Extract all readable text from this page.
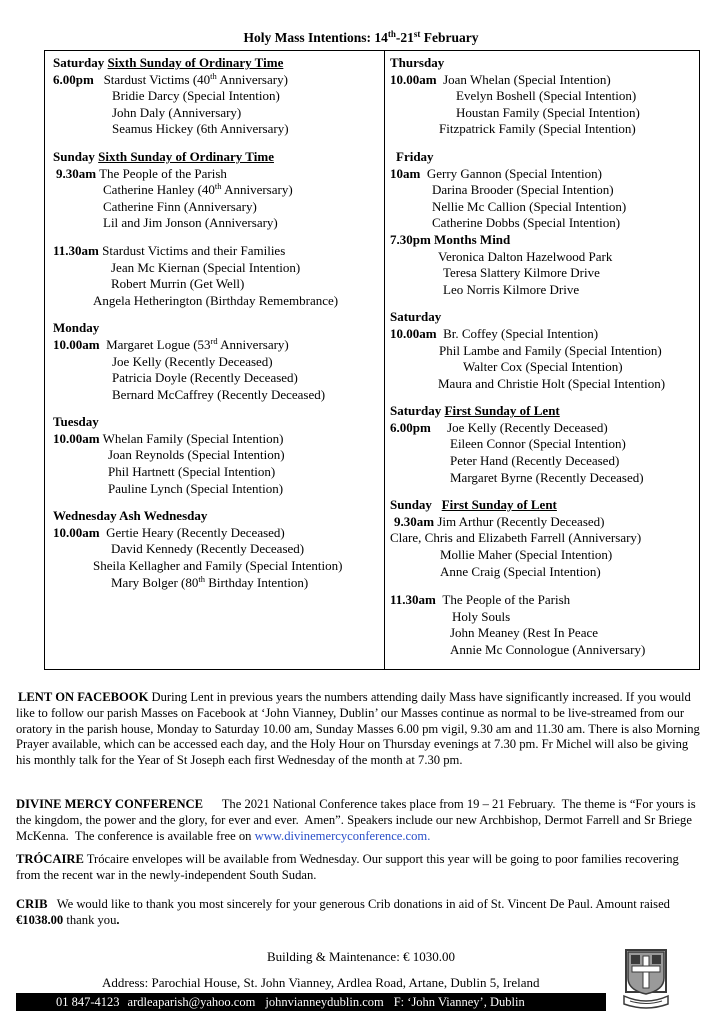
Holy Mass Intentions: 14th-21st February
Saturday Sixth Sunday of Ordinary Time
6.00pm Stardust Victims (40th Anniversary)
Bridie Darcy (Special Intention)
John Daly (Anniversary)
Seamus Hickey (6th Anniversary)
Sunday Sixth Sunday of Ordinary Time
9.30am The People of the Parish
Catherine Hanley (40th Anniversary)
Catherine Finn (Anniversary)
Lil and Jim Jonson (Anniversary)
11.30am Stardust Victims and their Families
Jean Mc Kiernan (Special Intention)
Robert Murrin (Get Well)
Angela Hetherington (Birthday Remembrance)
Monday
10.00am Margaret Logue (53rd Anniversary)
Joe Kelly (Recently Deceased)
Patricia Doyle (Recently Deceased)
Bernard McCaffrey (Recently Deceased)
Tuesday
10.00am Whelan Family (Special Intention)
Joan Reynolds (Special Intention)
Phil Hartnett (Special Intention)
Pauline Lynch (Special Intention)
Wednesday Ash Wednesday
10.00am Gertie Heary (Recently Deceased)
David Kennedy (Recently Deceased)
Sheila Kellagher and Family (Special Intention)
Mary Bolger (80th Birthday Intention)
Thursday
10.00am Joan Whelan (Special Intention)
Evelyn Boshell (Special Intention)
Houstan Family (Special Intention)
Fitzpatrick Family (Special Intention)
Friday
10am Gerry Gannon (Special Intention)
Darina Brooder (Special Intention)
Nellie Mc Callion (Special Intention)
Catherine Dobbs (Special Intention)
7.30pm Months Mind
Veronica Dalton Hazelwood Park
Teresa Slattery Kilmore Drive
Leo Norris Kilmore Drive
Saturday
10.00am Br. Coffey (Special Intention)
Phil Lambe and Family (Special Intention)
Walter Cox (Special Intention)
Maura and Christie Holt (Special Intention)
Saturday First Sunday of Lent
6.00pm Joe Kelly (Recently Deceased)
Eileen Connor (Special Intention)
Peter Hand (Recently Deceased)
Margaret Byrne (Recently Deceased)
Sunday   First Sunday of Lent
9.30am Jim Arthur (Recently Deceased)
Clare, Chris and Elizabeth Farrell (Anniversary)
Mollie Maher (Special Intention)
Anne Craig (Special Intention)
11.30am The People of the Parish
Holy Souls
John Meaney (Rest In Peace
Annie Mc Connologue (Anniversary)
LENT ON FACEBOOK During Lent in previous years the numbers attending daily Mass have significantly increased. If you would like to follow our parish Masses on Facebook at ‘John Vianney, Dublin’ our Masses continue as normal to be live-streamed from our oratory in the parish house, Monday to Saturday 10.00 am, Sunday Masses 6.00 pm vigil, 9.30 am and 11.30 am. There is also Morning Prayer available, which can be accessed each day, and the Holy Hour on Thursday evenings at 7.30 pm. Fr Michel will also be giving his monthly talk for the Year of St Joseph each first Wednesday of the month at 7.30 pm.
DIVINE MERCY CONFERENCE      The 2021 National Conference takes place from 19 – 21 February.  The theme is “For yours is the kingdom, the power and the glory, for ever and ever.  Amen”. Speakers include our new Archbishop, Dermot Farrell and Sr Briege McKenna.  The conference is available free on www.divinemercyconference.com.
TRÓCAIRE Trócaire envelopes will be available from Wednesday. Our support this year will be going to poor families recovering from the recent war in the newly-independent South Sudan.
CRIB   We would like to thank you most sincerely for your generous Crib donations in aid of St. Vincent De Paul. Amount raised €1038.00 thank you.
Building & Maintenance: € 1030.00
Address: Parochial House, St. John Vianney, Ardlea Road, Artane, Dublin 5, Ireland
01 847-4123 ardleaparish@yahoo.com johnvianneydublin.com F: ‘John Vianney’, Dublin
